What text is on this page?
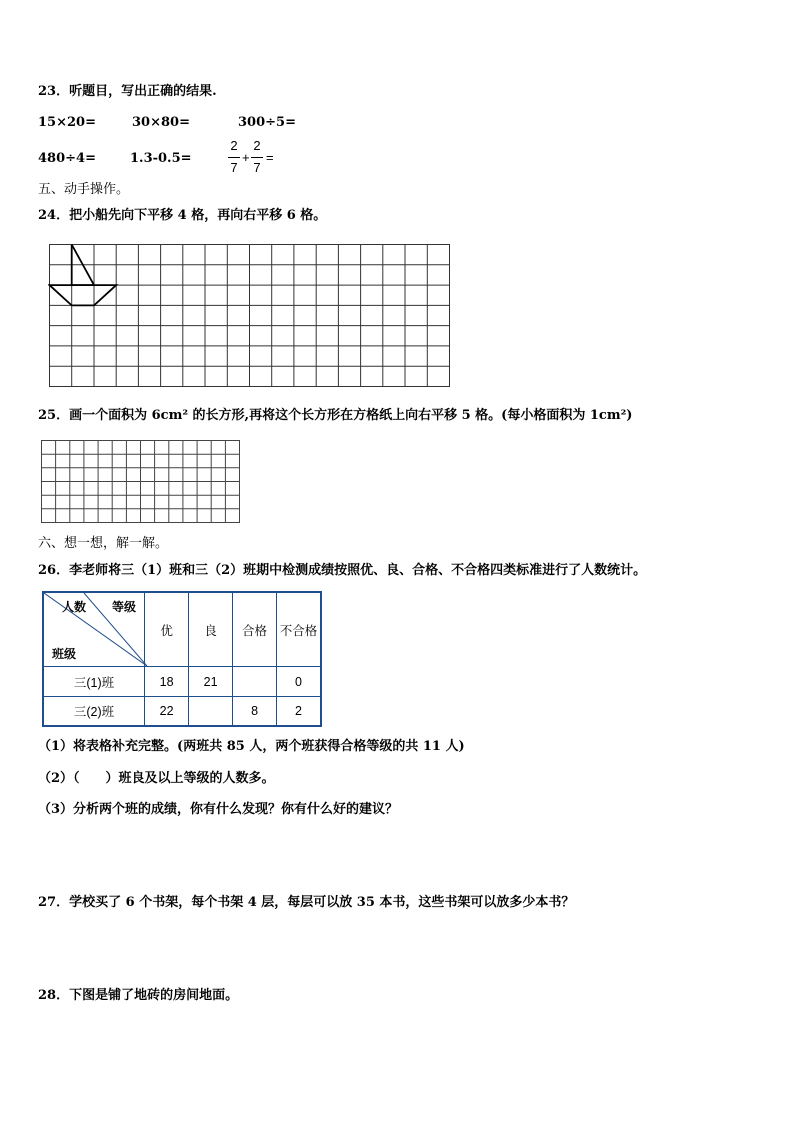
23．听题目，写出正确的结果.
15×20=	30×80=	300÷5=
480÷4=	1.3-0.5=
2
7
+
2
7
=
五、动手操作。
24．把小船先向下平移 4 格，再向右平移 6 格。
25．画一个面积为 6cm² 的长方形,再将这个长方形在方格纸上向右平移 5 格。(每小格面积为 1cm²)
六、想一想，解一解。
26．李老师将三（1）班和三（2）班期中检测成绩按照优、良、合格、不合格四类标准进行了人数统计。
等级
人数
班级	优	良	合格	不合格
三(1)班	18	21		0
三(2)班	22		8	2
（1）将表格补充完整。(两班共 85 人，两个班获得合格等级的共 11 人)
（2）（　　）班良及以上等级的人数多。
（3）分析两个班的成绩，你有什么发现？你有什么好的建议？
27．学校买了 6 个书架，每个书架 4 层，每层可以放 35 本书，这些书架可以放多少本书？
28．下图是铺了地砖的房间地面。
